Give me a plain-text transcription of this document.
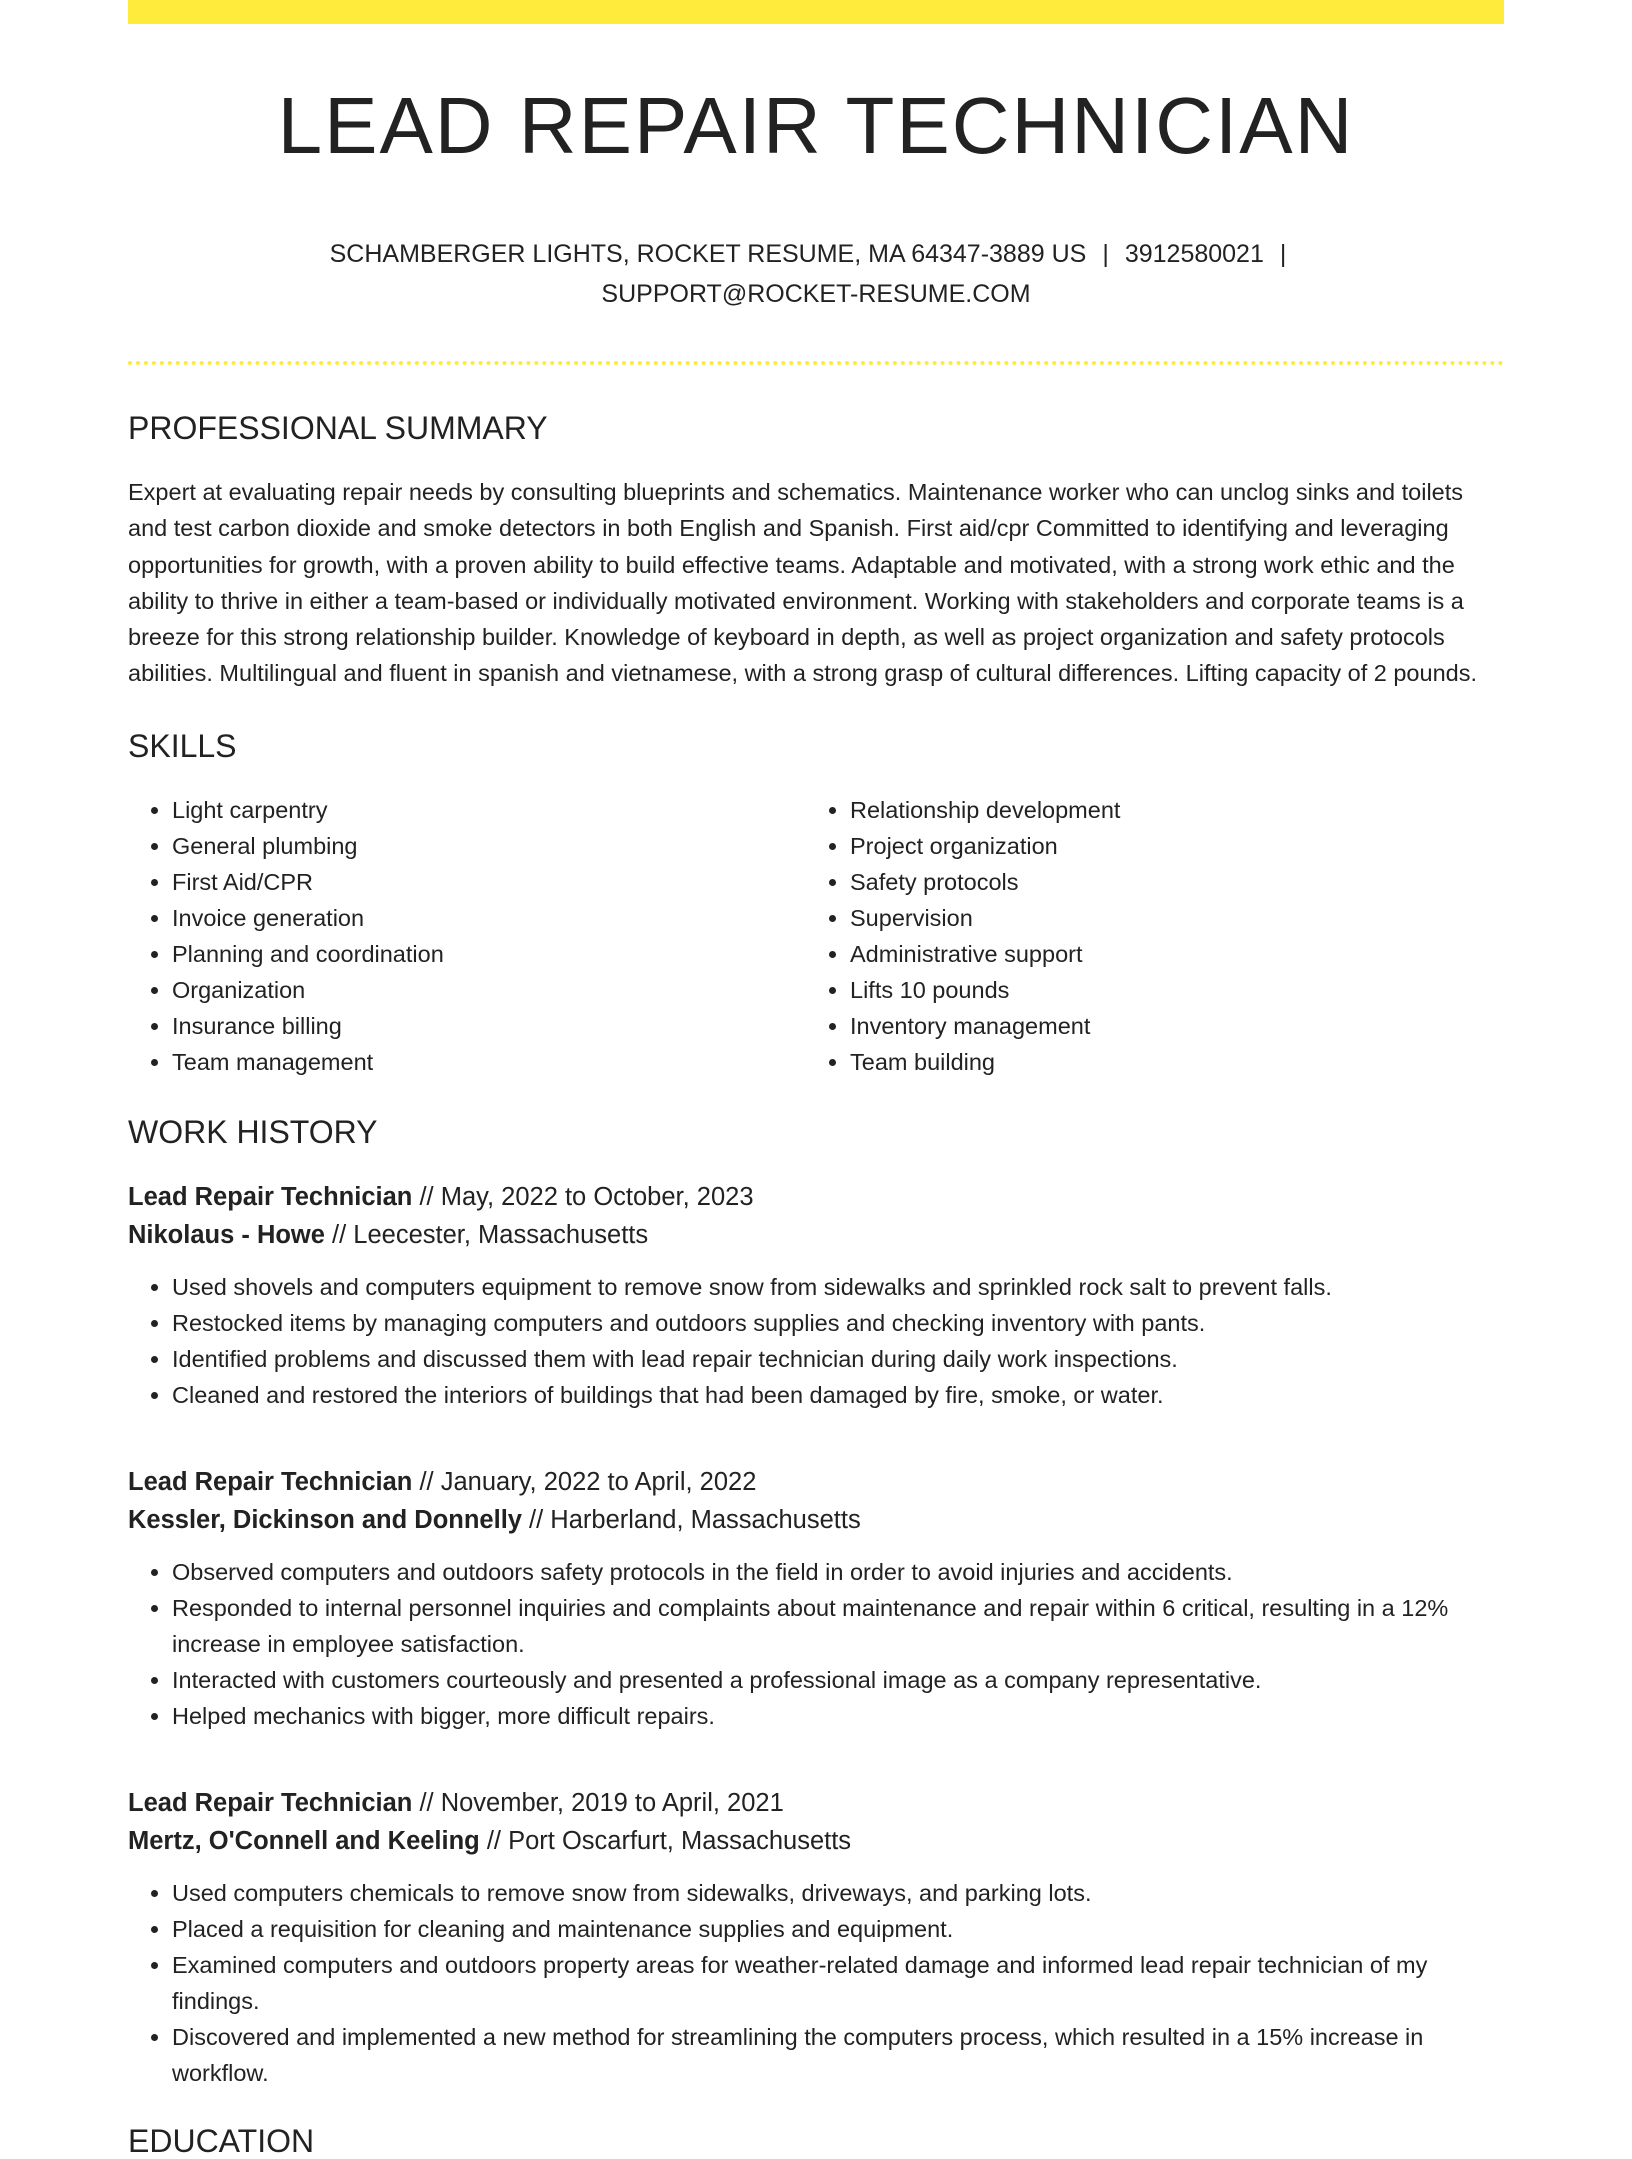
LEAD REPAIR TECHNICIAN
SCHAMBERGER LIGHTS, ROCKET RESUME, MA 64347-3889 US | 3912580021 |
SUPPORT@ROCKET-RESUME.COM
PROFESSIONAL SUMMARY

Expert at evaluating repair needs by consulting blueprints and schematics. Maintenance worker who can unclog sinks and toilets and test carbon dioxide and smoke detectors in both English and Spanish. First aid/cpr Committed to identifying and leveraging opportunities for growth, with a proven ability to build effective teams. Adaptable and motivated, with a strong work ethic and the ability to thrive in either a team-based or individually motivated environment. Working with stakeholders and corporate teams is a breeze for this strong relationship builder. Knowledge of keyboard in depth, as well as project organization and safety protocols abilities. Multilingual and fluent in spanish and vietnamese, with a strong grasp of cultural differences. Lifting capacity of 2 pounds.

SKILLS
• Light carpentry
• General plumbing
• First Aid/CPR
• Invoice generation
• Planning and coordination
• Organization
• Insurance billing
• Team management
• Relationship development
• Project organization
• Safety protocols
• Supervision
• Administrative support
• Lifts 10 pounds
• Inventory management
• Team building
WORK HISTORY
Lead Repair Technician // May, 2022 to October, 2023
Nikolaus - Howe // Leecester, Massachusetts
• Used shovels and computers equipment to remove snow from sidewalks and sprinkled rock salt to prevent falls.
• Restocked items by managing computers and outdoors supplies and checking inventory with pants.
• Identified problems and discussed them with lead repair technician during daily work inspections.
• Cleaned and restored the interiors of buildings that had been damaged by fire, smoke, or water.
Lead Repair Technician // January, 2022 to April, 2022
Kessler, Dickinson and Donnelly // Harberland, Massachusetts
• Observed computers and outdoors safety protocols in the field in order to avoid injuries and accidents.
• Responded to internal personnel inquiries and complaints about maintenance and repair within 6 critical, resulting in a 12% increase in employee satisfaction.
• Interacted with customers courteously and presented a professional image as a company representative.
• Helped mechanics with bigger, more difficult repairs.
Lead Repair Technician // November, 2019 to April, 2021
Mertz, O'Connell and Keeling // Port Oscarfurt, Massachusetts
• Used computers chemicals to remove snow from sidewalks, driveways, and parking lots.
• Placed a requisition for cleaning and maintenance supplies and equipment.
• Examined computers and outdoors property areas for weather-related damage and informed lead repair technician of my findings.
• Discovered and implemented a new method for streamlining the computers process, which resulted in a 15% increase in workflow.
EDUCATION
